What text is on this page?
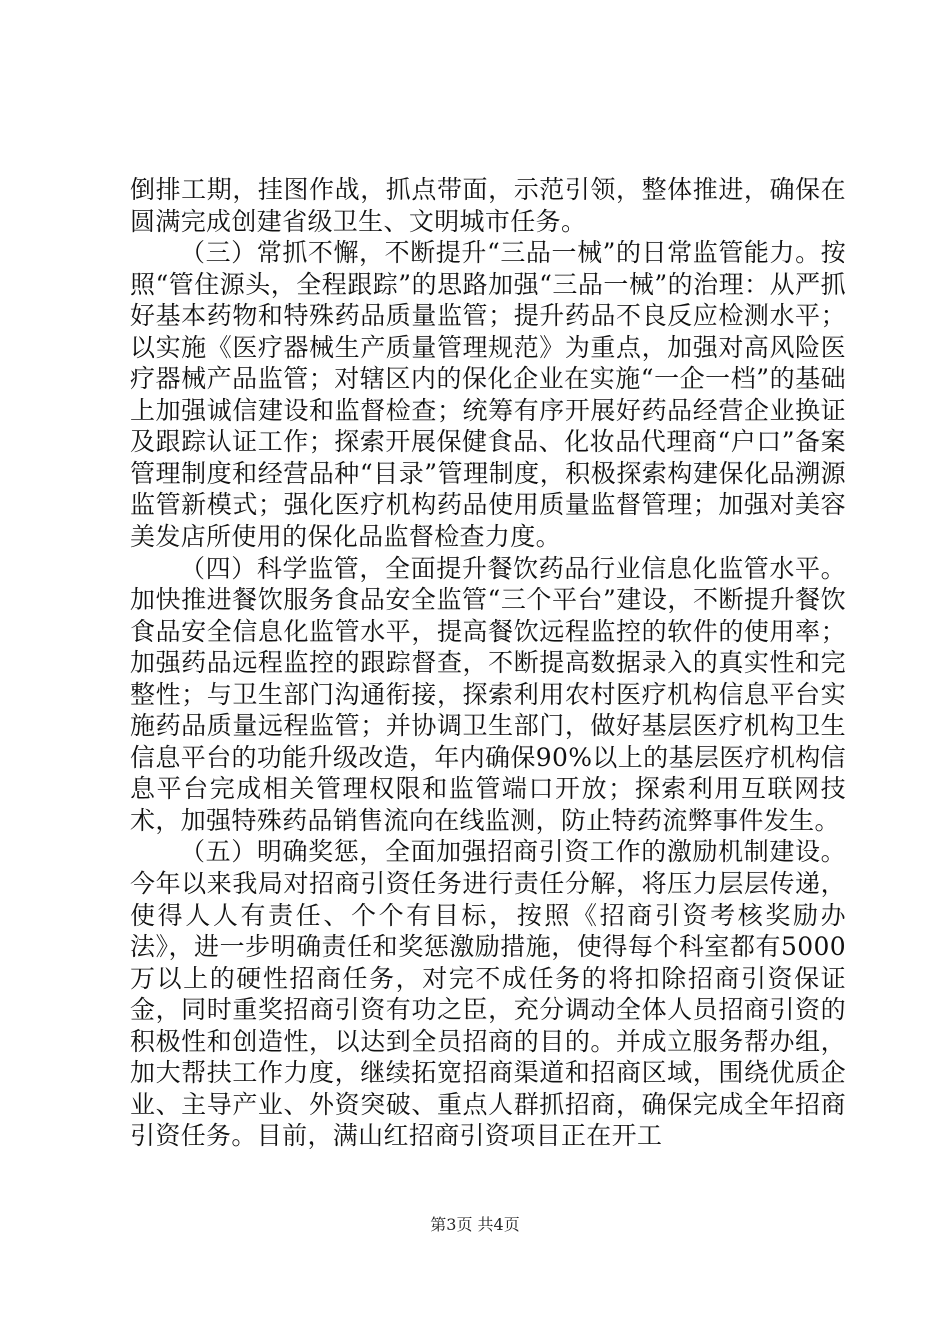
倒排工期，挂图作战，抓点带面，示范引领，整体推进，确保在圆满完成创建省级卫生、文明城市任务。

（三）常抓不懈，不断提升“三品一械”的日常监管能力。按照“管住源头，全程跟踪”的思路加强“三品一械”的治理：从严抓好基本药物和特殊药品质量监管；提升药品不良反应检测水平；以实施《医疗器械生产质量管理规范》为重点，加强对高风险医疗器械产品监管；对辖区内的保化企业在实施“一企一档”的基础上加强诚信建设和监督检查；统筹有序开展好药品经营企业换证及跟踪认证工作；探索开展保健食品、化妆品代理商“户口”备案管理制度和经营品种“目录”管理制度，积极探索构建保化品溯源监管新模式；强化医疗机构药品使用质量监督管理；加强对美容美发店所使用的保化品监督检查力度。

（四）科学监管，全面提升餐饮药品行业信息化监管水平。加快推进餐饮服务食品安全监管“三个平台”建设，不断提升餐饮食品安全信息化监管水平，提高餐饮远程监控的软件的使用率；加强药品远程监控的跟踪督查，不断提高数据录入的真实性和完整性；与卫生部门沟通衔接，探索利用农村医疗机构信息平台实施药品质量远程监管；并协调卫生部门，做好基层医疗机构卫生信息平台的功能升级改造，年内确保90%以上的基层医疗机构信息平台完成相关管理权限和监管端口开放；探索利用互联网技术，加强特殊药品销售流向在线监测，防止特药流弊事件发生。

（五）明确奖惩，全面加强招商引资工作的激励机制建设。今年以来我局对招商引资任务进行责任分解，将压力层层传递，使得人人有责任、个个有目标，按照《招商引资考核奖励办法》，进一步明确责任和奖惩激励措施，使得每个科室都有5000万以上的硬性招商任务，对完不成任务的将扣除招商引资保证金，同时重奖招商引资有功之臣，充分调动全体人员招商引资的积极性和创造性，以达到全员招商的目的。并成立服务帮办组，加大帮扶工作力度，继续拓宽招商渠道和招商区域，围绕优质企业、主导产业、外资突破、重点人群抓招商，确保完成全年招商引资任务。目前，满山红招商引资项目正在开工

第3页 共4页
